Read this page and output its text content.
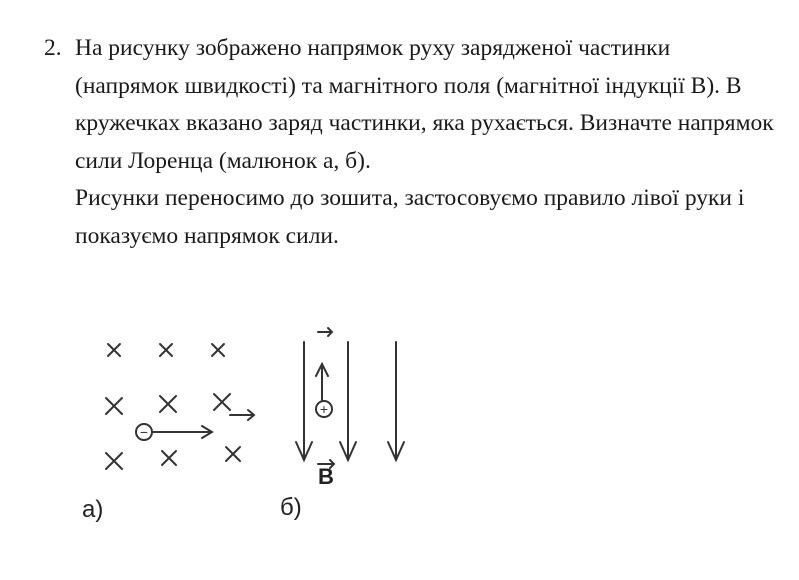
2. На рисунку зображено напрямок руху зарядженої частинки (напрямок швидкості) та магнітного поля (магнітної індукції В). В кружечках вказано заряд частинки, яка рухається. Визначте напрямок сили Лоренца (малюнок а, б).

Рисунки переносимо до зошита, застосовуємо правило лівої руки і показуємо напрямок сили.

−
+
B
а)	б)
